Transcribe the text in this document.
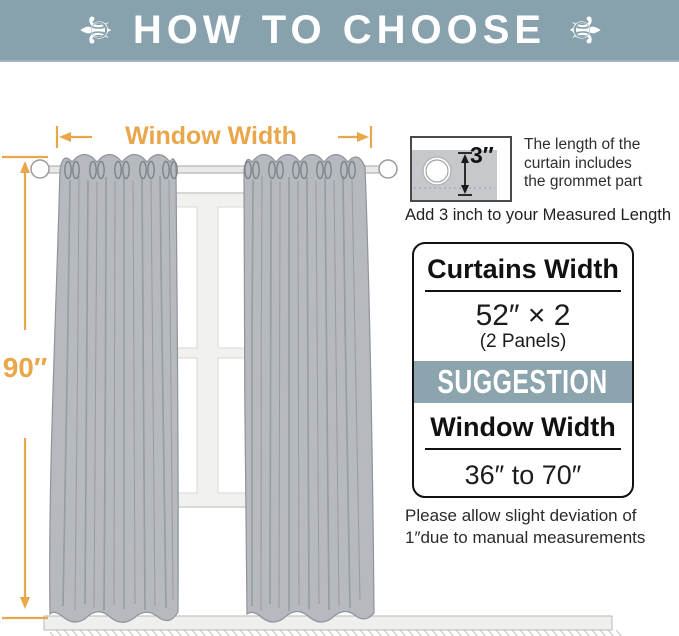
⚜ HOW TO CHOOSE ⚜
Window Width
90″
3″ The length of the
curtain includes
the grommet part
Add 3 inch to your Measured Length
Curtains Width
52″ × 2
(2 Panels)
SUGGESTION
Window Width
36″ to 70″
Please allow slight deviation of
1″due to manual measurements
